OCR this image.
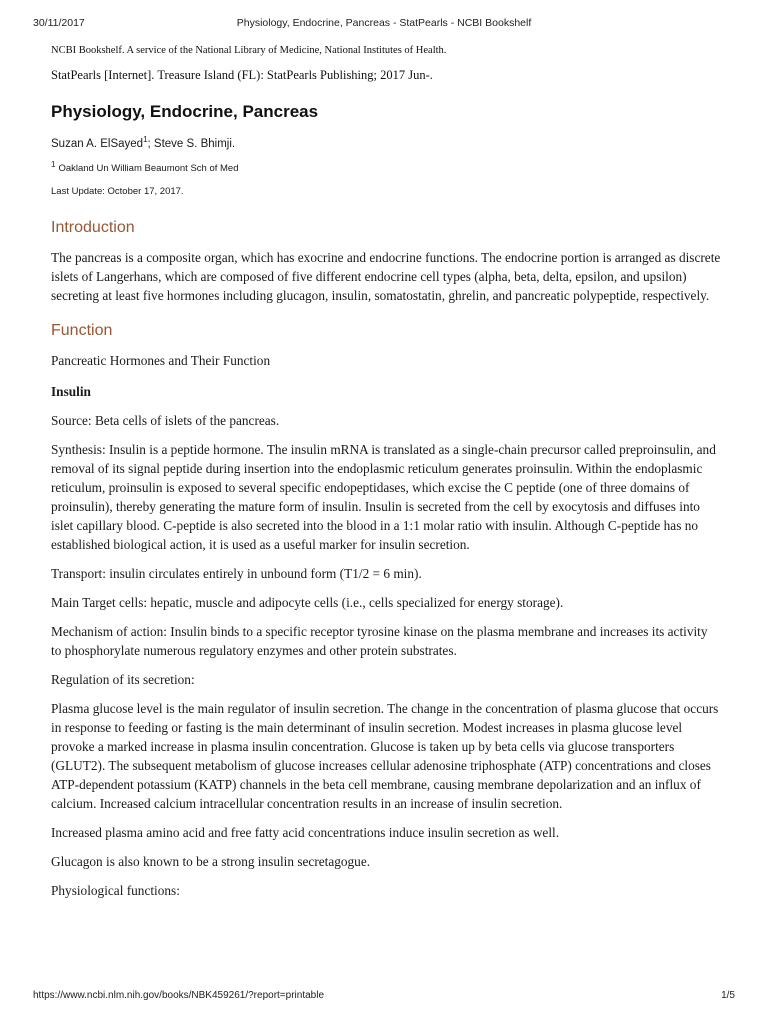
30/11/2017	Physiology, Endocrine, Pancreas - StatPearls - NCBI Bookshelf

NCBI Bookshelf. A service of the National Library of Medicine, National Institutes of Health.

StatPearls [Internet]. Treasure Island (FL): StatPearls Publishing; 2017 Jun-.

Physiology, Endocrine, Pancreas

Suzan A. ElSayed$^1$; Steve S. Bhimji.

$^1$ Oakland Un William Beaumont Sch of Med

Last Update: October 17, 2017.

Introduction

The pancreas is a composite organ, which has exocrine and endocrine functions. The endocrine portion is arranged as discrete islets of Langerhans, which are composed of five different endocrine cell types (alpha, beta, delta, epsilon, and upsilon) secreting at least five hormones including glucagon, insulin, somatostatin, ghrelin, and pancreatic polypeptide, respectively.

Function

Pancreatic Hormones and Their Function

Insulin

Source: Beta cells of islets of the pancreas.

Synthesis: Insulin is a peptide hormone. The insulin mRNA is translated as a single-chain precursor called preproinsulin, and removal of its signal peptide during insertion into the endoplasmic reticulum generates proinsulin. Within the endoplasmic reticulum, proinsulin is exposed to several specific endopeptidases, which excise the C peptide (one of three domains of proinsulin), thereby generating the mature form of insulin. Insulin is secreted from the cell by exocytosis and diffuses into islet capillary blood. C-peptide is also secreted into the blood in a 1:1 molar ratio with insulin. Although C-peptide has no established biological action, it is used as a useful marker for insulin secretion.

Transport: insulin circulates entirely in unbound form (T1/2 = 6 min).

Main Target cells: hepatic, muscle and adipocyte cells (i.e., cells specialized for energy storage).

Mechanism of action: Insulin binds to a specific receptor tyrosine kinase on the plasma membrane and increases its activity to phosphorylate numerous regulatory enzymes and other protein substrates.

Regulation of its secretion:

Plasma glucose level is the main regulator of insulin secretion. The change in the concentration of plasma glucose that occurs in response to feeding or fasting is the main determinant of insulin secretion. Modest increases in plasma glucose level provoke a marked increase in plasma insulin concentration. Glucose is taken up by beta cells via glucose transporters (GLUT2). The subsequent metabolism of glucose increases cellular adenosine triphosphate (ATP) concentrations and closes ATP-dependent potassium (KATP) channels in the beta cell membrane, causing membrane depolarization and an influx of calcium. Increased calcium intracellular concentration results in an increase of insulin secretion.

Increased plasma amino acid and free fatty acid concentrations induce insulin secretion as well.

Glucagon is also known to be a strong insulin secretagogue.

Physiological functions:

https://www.ncbi.nlm.nih.gov/books/NBK459261/?report=printable	1/5
